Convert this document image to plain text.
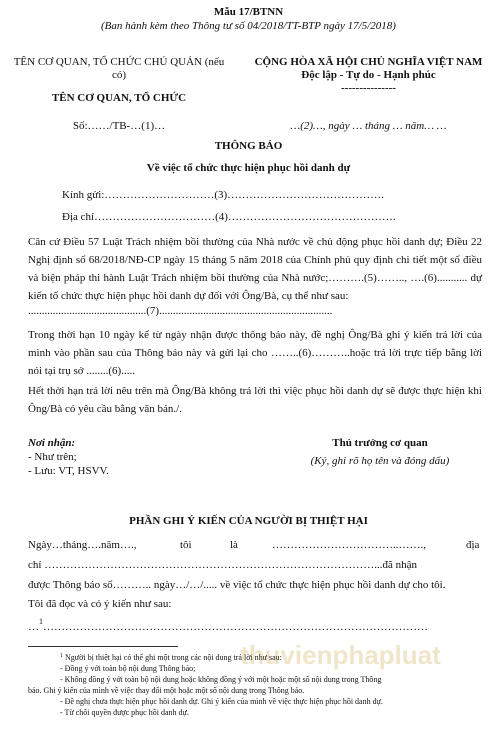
Mẫu 17/BTNN
(Ban hành kèm theo Thông tư số 04/2018/TT-BTP ngày 17/5/2018)
TÊN CƠ QUAN, TỔ CHỨC CHỦ QUẢN (nếu
có)
TÊN CƠ QUAN, TỔ CHỨC
Số:……/TB-…(1)…
CỘNG HÒA XÃ HỘI CHỦ NGHĨA VIỆT NAM
Độc lập - Tự do - Hạnh phúc
---------------
…(2)…, ngày … tháng … năm… …
THÔNG BÁO
Về việc tổ chức thực hiện phục hồi danh dự
Kính gửi:…………………………(3)…………………………………….
Địa chỉ……………………………(4)……………………………………….
Căn cứ Điều 57 Luật Trách nhiệm bồi thường của Nhà nước về chủ động phục hồi danh dự; Điều 22 Nghị định số 68/2018/NĐ-CP ngày 15 tháng 5 năm 2018 của Chính phủ quy định chi tiết một số điều và biện pháp thi hành Luật Trách nhiệm bồi thường của Nhà nước;……….(5)…….., ….(6)........... dự kiến tổ chức thực hiện phục hồi danh dự đối với Ông/Bà, cụ thể như sau:
...........................................(7)...............................................................
Trong thời hạn 10 ngày kể từ ngày nhận được thông báo này, đề nghị Ông/Bà ghi ý kiến trả lời của mình vào phần sau của Thông báo này và gửi lại cho ……..(6)………..hoặc trả lời trực tiếp bằng lời nói tại trụ sở ........(6).....
Hết thời hạn trả lời nêu trên mà Ông/Bà không trả lời thì việc phục hồi danh dự sẽ được thực hiện khi Ông/Bà có yêu cầu bằng văn bản./.
Nơi nhận:
- Như trên;
- Lưu: VT, HSVV.
Thủ trưởng cơ quan
(Ký, ghi rõ họ tên và đóng dấu)
PHẦN GHI Ý KIẾN CỦA NGƯỜI BỊ THIỆT HẠI
Ngày…tháng….năm….,	tôi	là	……………………………..…….,	địa
chỉ ………………………………………………………………………………...đã nhận
được Thông báo số……….. ngày…/…/..... về việc tổ chức thực hiện phục hồi danh dự cho tôi.
Tôi đã đọc và có ý kiến như sau:
…$^1$……………………………………………………………………………………………
$^1$ Người bị thiệt hại có thể ghi một trong các nội dung trả lời như sau:
- Đồng ý với toàn bộ nội dung Thông báo;
- Không đồng ý với toàn bộ nội dung hoặc không đồng ý với một hoặc một số nội dung trong Thông
báo. Ghi ý kiến của mình về việc thay đổi một hoặc một số nội dung trong Thông báo.
- Đề nghị chưa thực hiện phục hồi danh dự. Ghi ý kiến của mình về việc thực hiện phục hồi danh dự.
- Từ chối quyền được phục hồi danh dự.
thuvienphapluat
